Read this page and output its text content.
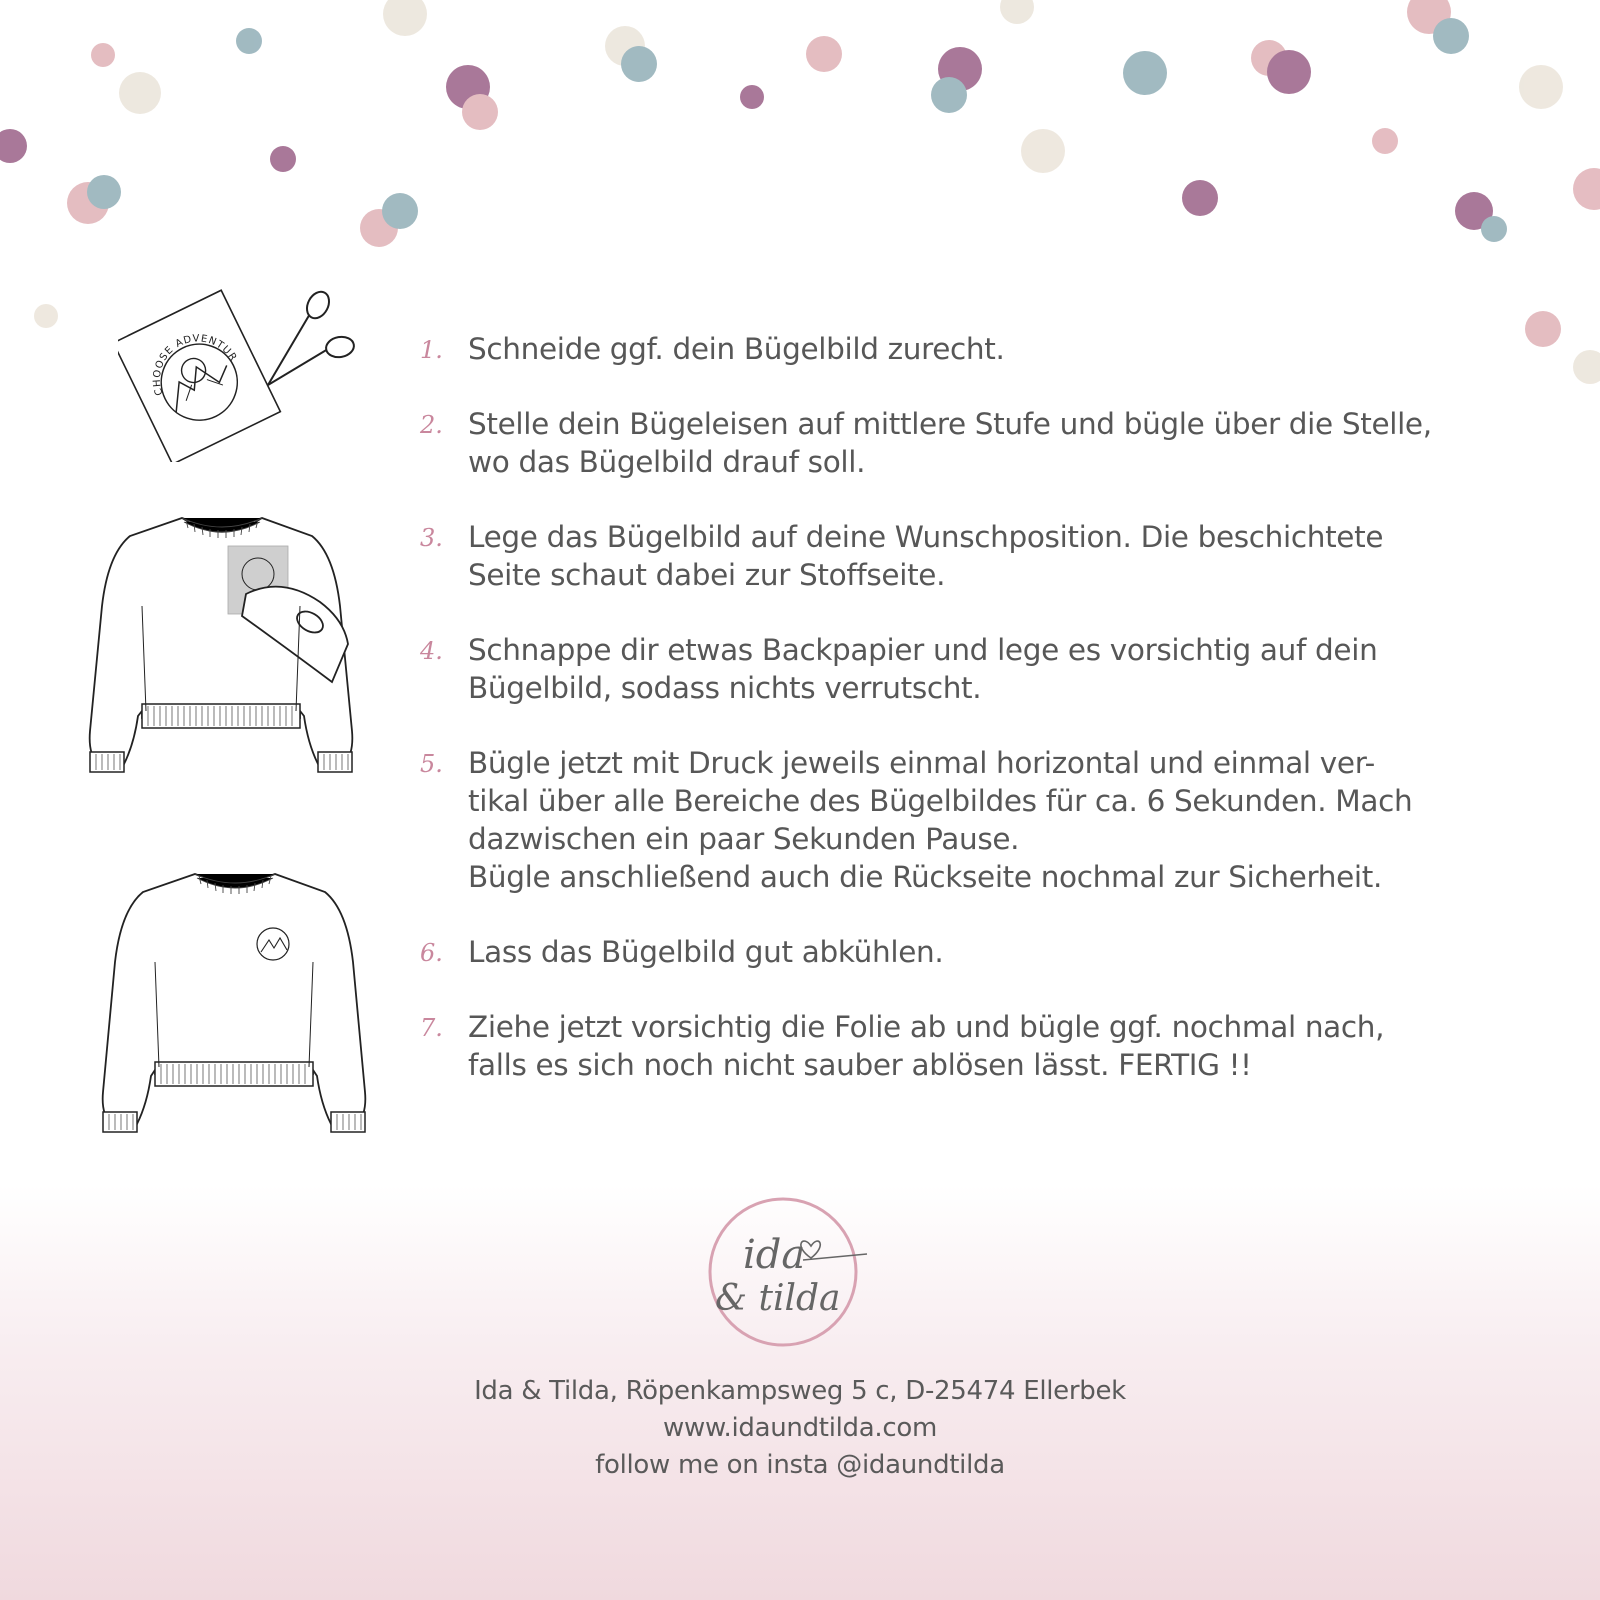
CHOOSE ADVENTURE
1. Schneide ggf. dein Bügelbild zurecht.
2. Stelle dein Bügeleisen auf mittlere Stufe und bügle über die Stelle,
wo das Bügelbild drauf soll.
3. Lege das Bügelbild auf deine Wunschposition. Die beschichtete
Seite schaut dabei zur Stoffseite.
4. Schnappe dir etwas Backpapier und lege es vorsichtig auf dein
Bügelbild, sodass nichts verrutscht.
5. Bügle jetzt mit Druck jeweils einmal horizontal und einmal ver-
tikal über alle Bereiche des Bügelbildes für ca. 6 Sekunden. Mach
dazwischen ein paar Sekunden Pause.
Bügle anschließend auch die Rückseite nochmal zur Sicherheit.
6. Lass das Bügelbild gut abkühlen.
7. Ziehe jetzt vorsichtig die Folie ab und bügle ggf. nochmal nach,
falls es sich noch nicht sauber ablösen lässt. FERTIG !!
ida
& tilda
Ida & Tilda, Röpenkampsweg 5 c, D-25474 Ellerbek
www.idaundtilda.com
follow me on insta @idaundtilda
